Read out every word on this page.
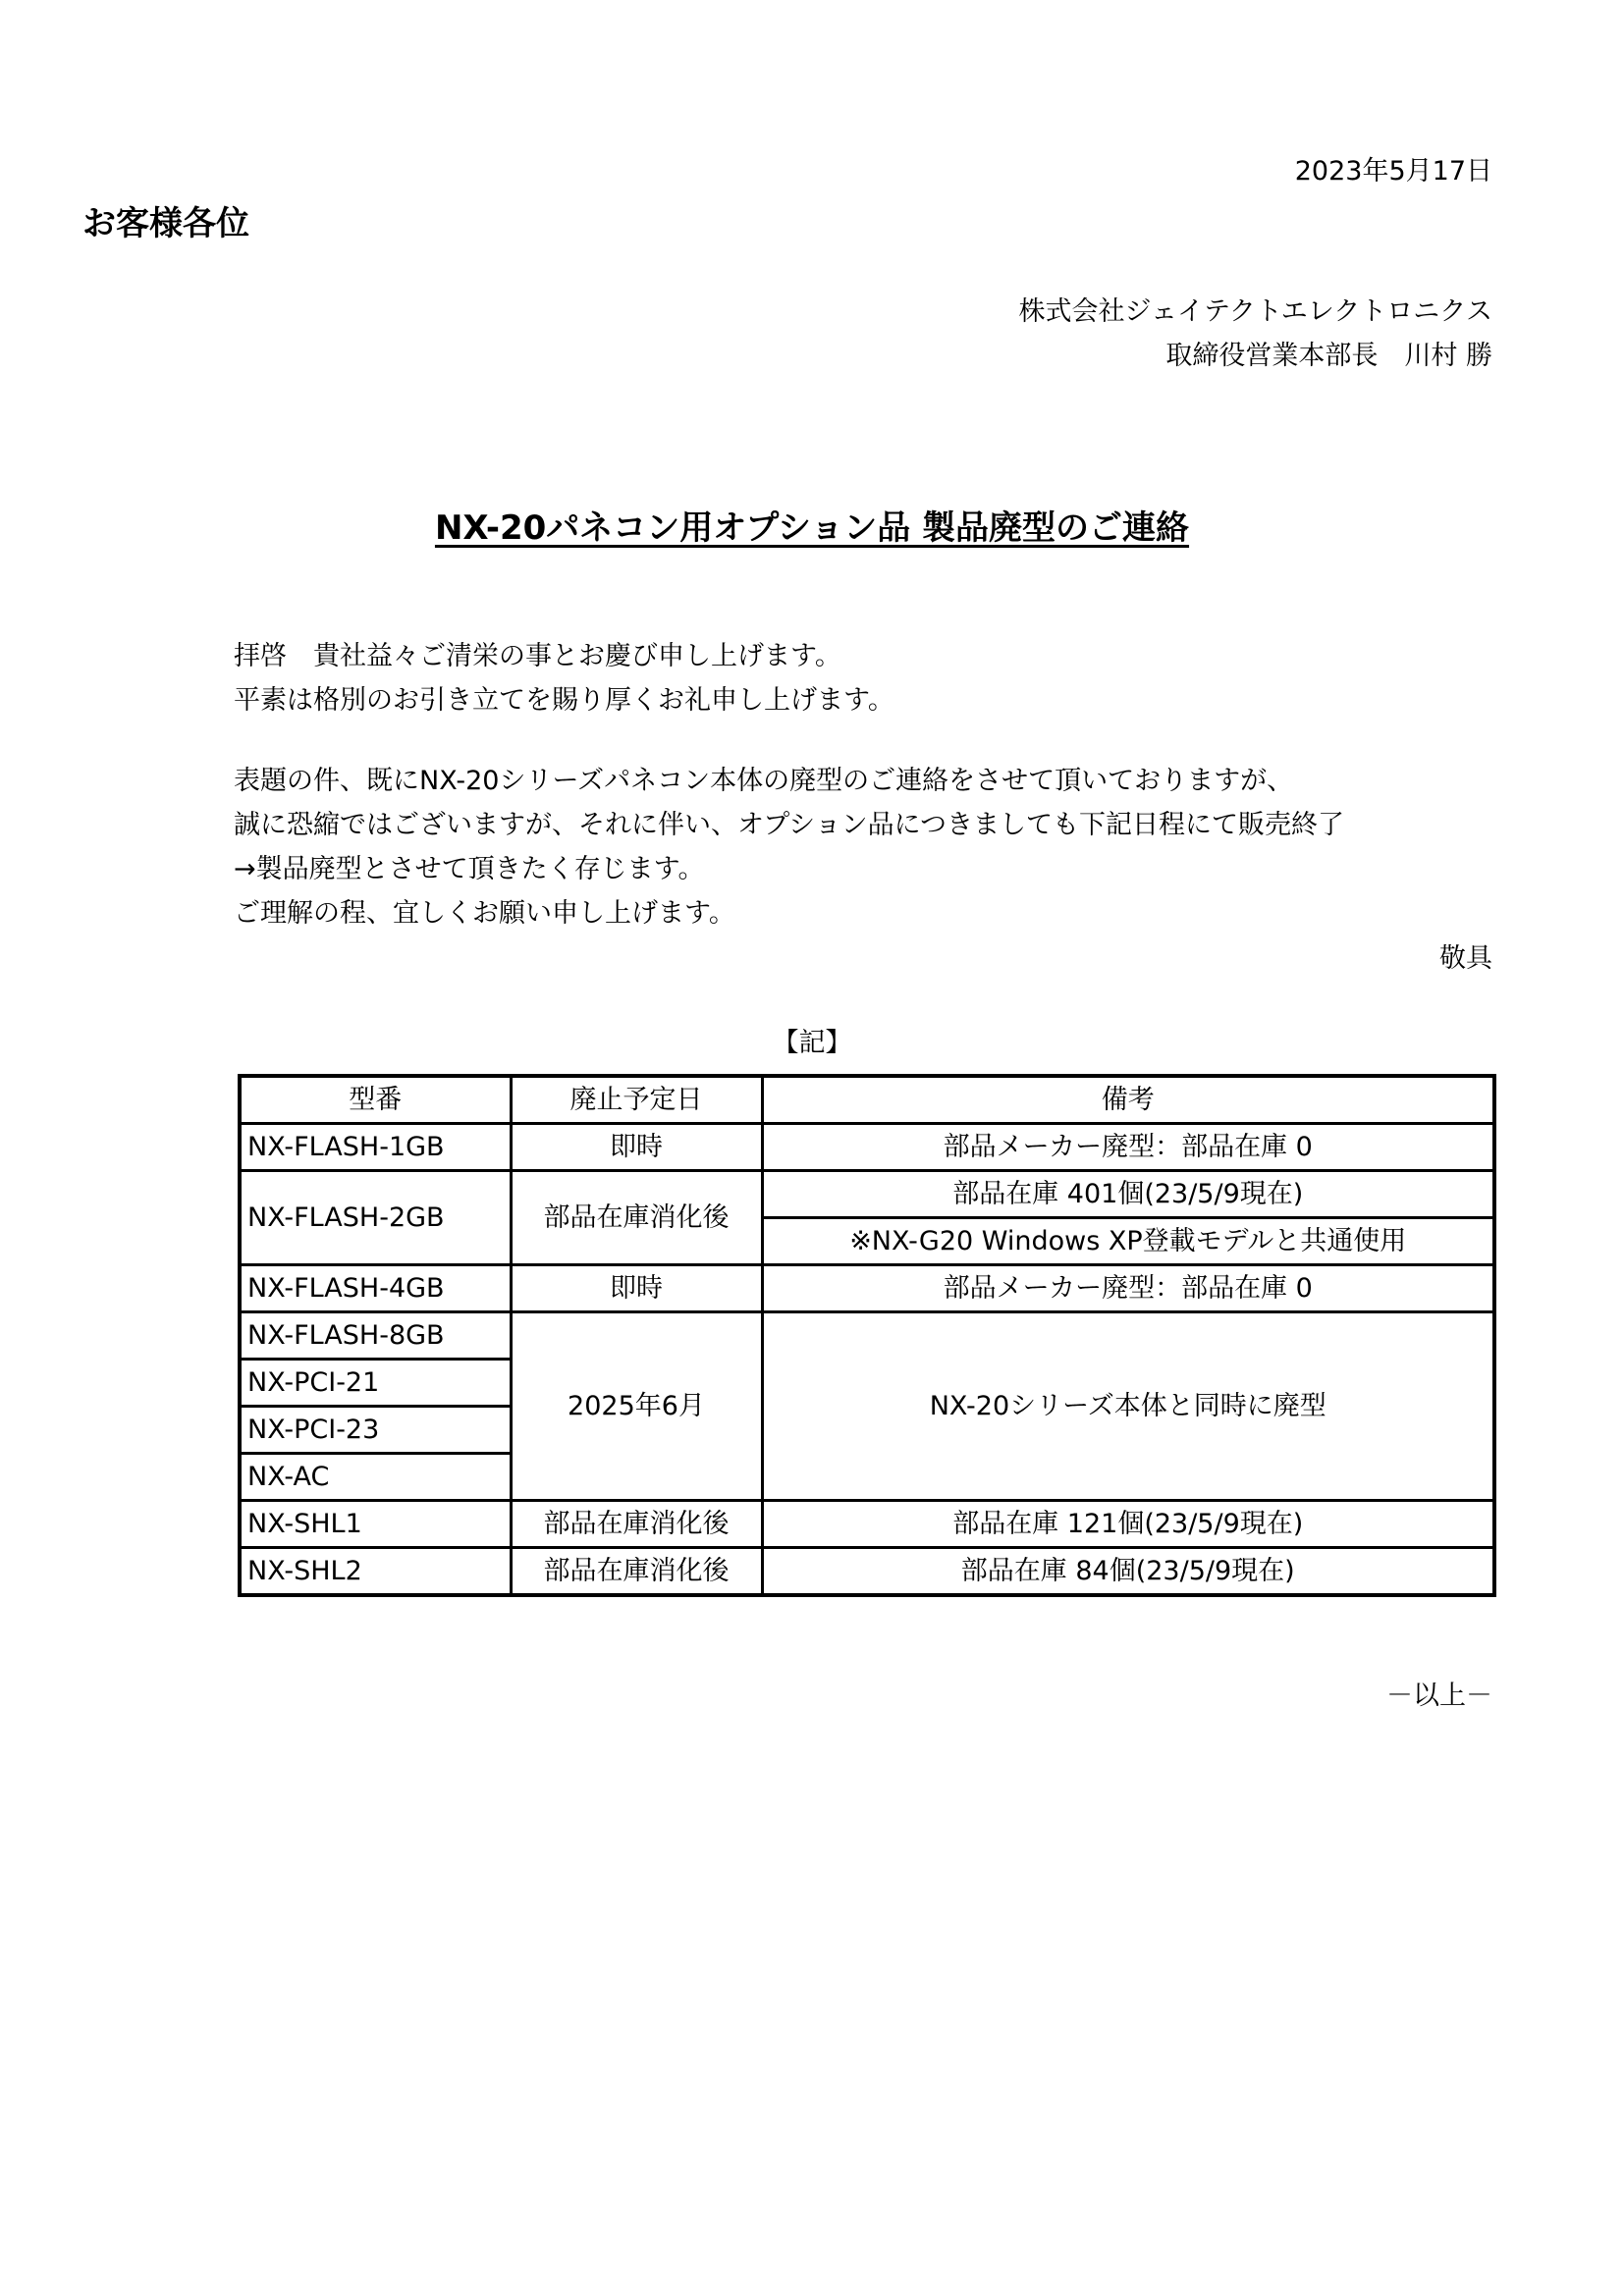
2023年5月17日
お客様各位
株式会社ジェイテクトエレクトロニクス
取締役営業本部長　川村 勝
NX-20パネコン用オプション品 製品廃型のご連絡
拝啓　貴社益々ご清栄の事とお慶び申し上げます。
平素は格別のお引き立てを賜り厚くお礼申し上げます。
表題の件、既にNX-20シリーズパネコン本体の廃型のご連絡をさせて頂いておりますが、
誠に恐縮ではございますが、それに伴い、オプション品につきましても下記日程にて販売終了
→製品廃型とさせて頂きたく存じます。
ご理解の程、宜しくお願い申し上げます。
敬具
【記】
型番	廃止予定日	備考
NX-FLASH-1GB	即時	部品メーカー廃型：部品在庫 0
NX-FLASH-2GB	部品在庫消化後	部品在庫 401個(23/5/9現在)
		※NX-G20 Windows XP登載モデルと共通使用
NX-FLASH-4GB	即時	部品メーカー廃型：部品在庫 0
NX-FLASH-8GB	2025年6月	NX-20シリーズ本体と同時に廃型
NX-PCI-21		
NX-PCI-23		
NX-AC		
NX-SHL1	部品在庫消化後	部品在庫 121個(23/5/9現在)
NX-SHL2	部品在庫消化後	部品在庫 84個(23/5/9現在)
－以上－
